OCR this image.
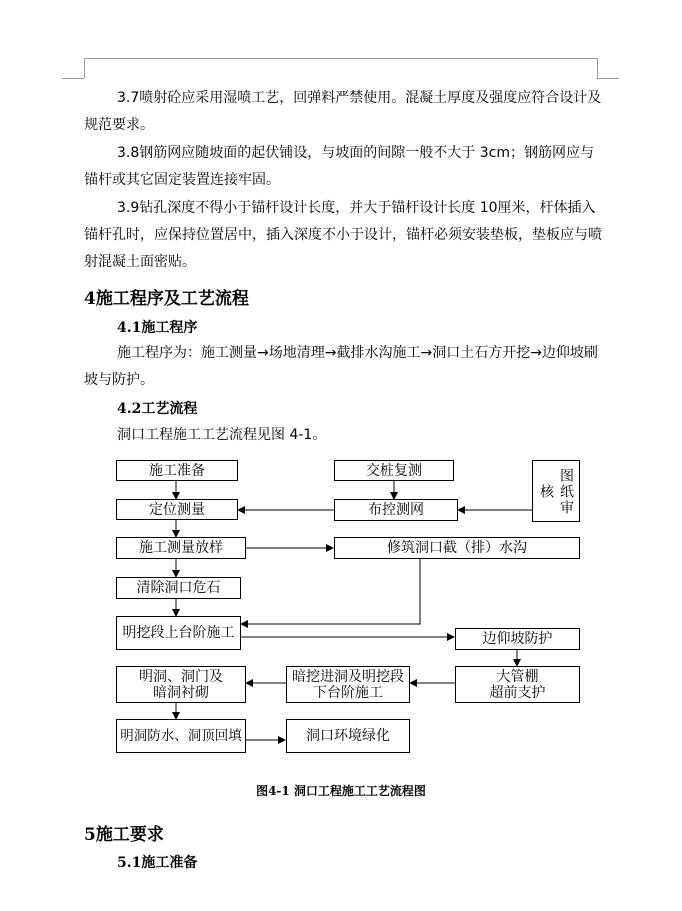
3.7喷射砼应采用湿喷工艺，回弹料严禁使用。混凝土厚度及强度应符合设计及规范要求。

3.8钢筋网应随坡面的起伏铺设，与坡面的间隙一般不大于 3cm；钢筋网应与锚杆或其它固定装置连接牢固。

3.9钻孔深度不得小于锚杆设计长度，并大于锚杆设计长度 10厘米，杆体插入锚杆孔时，应保持位置居中，插入深度不小于设计，锚杆必须安装垫板，垫板应与喷射混凝土面密贴。

4施工程序及工艺流程
4.1施工程序

施工程序为：施工测量→场地清理→截排水沟施工→洞口土石方开挖→边仰坡刷坡与防护。

4.2工艺流程

洞口工程施工工艺流程见图 4-1。

施工准备	交桩复测	图纸审核
定位测量	布控测网
施工测量放样	修筑洞口截（排）水沟
清除洞口危石
明挖段上台阶施工	边仰坡防护
明洞、洞门及
暗洞衬砌
暗挖进洞及明挖段
下台阶施工
大管棚
超前支护
明洞防水、洞顶回填	洞口环境绿化
图4-1 洞口工程施工工艺流程图
5施工要求
5.1施工准备
